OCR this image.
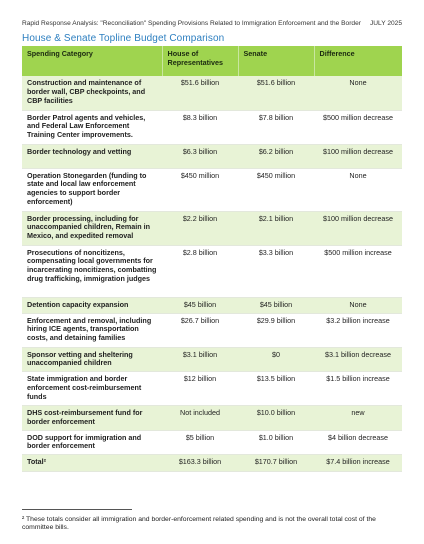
Rapid Response Analysis: "Reconciliation" Spending Provisions Related to Immigration Enforcement and the Border JULY 2025
House & Senate Topline Budget Comparison
Spending Category	House of Representatives	Senate	Difference
Construction and maintenance of border wall, CBP checkpoints, and CBP facilities	$51.6 billion	$51.6 billion	None
Border Patrol agents and vehicles, and Federal Law Enforcement Training Center improvements.	$8.3 billion	$7.8 billion	$500 million decrease
Border technology and vetting	$6.3 billion	$6.2 billion	$100 million decrease
Operation Stonegarden (funding to state and local law enforcement agencies to support border enforcement)	$450 million	$450 million	None
Border processing, including for unaccompanied children, Remain in Mexico, and expedited removal	$2.2 billion	$2.1 billion	$100 million decrease
Prosecutions of noncitizens, compensating local governments for incarcerating noncitizens, combatting drug trafficking, immigration judges	$2.8 billion	$3.3 billion	$500 million increase
Detention capacity expansion	$45 billion	$45 billion	None
Enforcement and removal, including hiring ICE agents, transportation costs, and detaining families	$26.7 billion	$29.9 billion	$3.2 billion increase
Sponsor vetting and sheltering unaccompanied children	$3.1 billion	$0	$3.1 billion decrease
State immigration and border enforcement cost-reimbursement funds	$12 billion	$13.5 billion	$1.5 billion increase
DHS cost-reimbursement fund for border enforcement	Not included	$10.0 billion	new
DOD support for immigration and border enforcement	$5 billion	$1.0 billion	$4 billion decrease
Total²	$163.3 billion	$170.7 billion	$7.4 billion increase
² These totals consider all immigration and border-enforcement related spending and is not the overall total cost of the committee bills.
